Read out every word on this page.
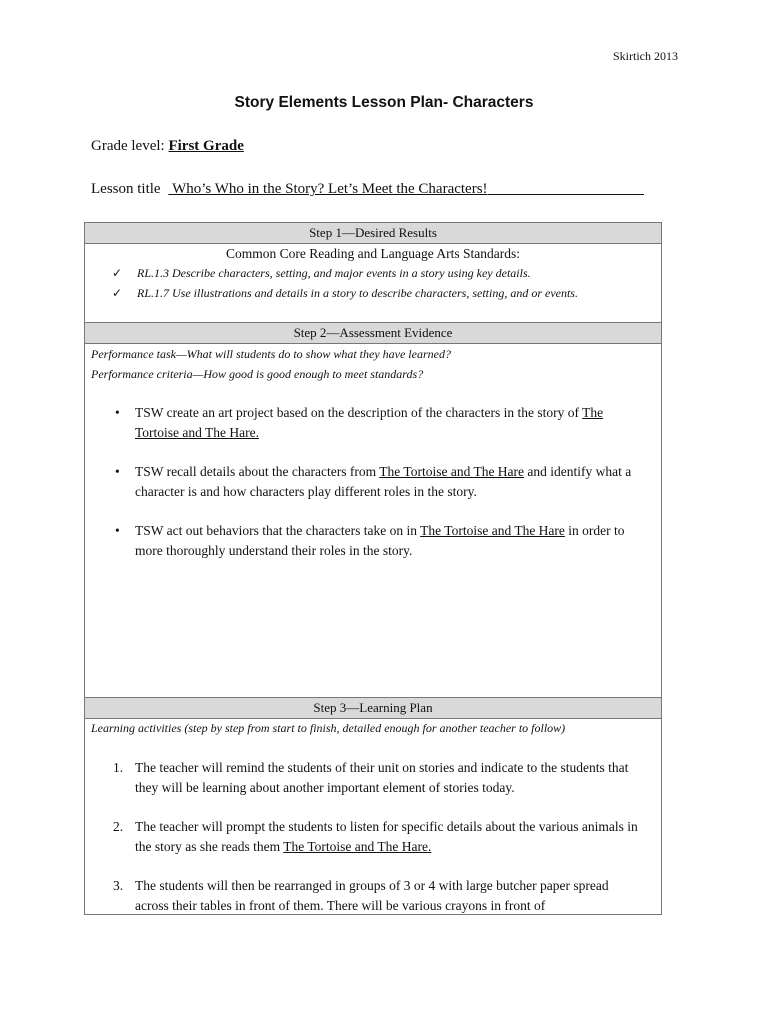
Skirtich 2013
Story Elements Lesson Plan- Characters
Grade level: First Grade
Lesson title Who’s Who in the Story? Let’s Meet the Characters!
Step 1—Desired Results
Common Core Reading and Language Arts Standards:
✓ RL.1.3 Describe characters, setting, and major events in a story using key details.
✓ RL.1.7 Use illustrations and details in a story to describe characters, setting, and or events.
Step 2—Assessment Evidence
Performance task—What will students do to show what they have learned?
Performance criteria—How good is good enough to meet standards?
• TSW create an art project based on the description of the characters in the story of The Tortoise and The Hare.
• TSW recall details about the characters from The Tortoise and The Hare and identify what a character is and how characters play different roles in the story.
• TSW act out behaviors that the characters take on in The Tortoise and The Hare in order to more thoroughly understand their roles in the story.
Step 3—Learning Plan
Learning activities (step by step from start to finish, detailed enough for another teacher to follow)
1. The teacher will remind the students of their unit on stories and indicate to the students that they will be learning about another important element of stories today.
2. The teacher will prompt the students to listen for specific details about the various animals in the story as she reads them The Tortoise and The Hare.
3. The students will then be rearranged in groups of 3 or 4 with large butcher paper spread across their tables in front of them. There will be various crayons in front of
